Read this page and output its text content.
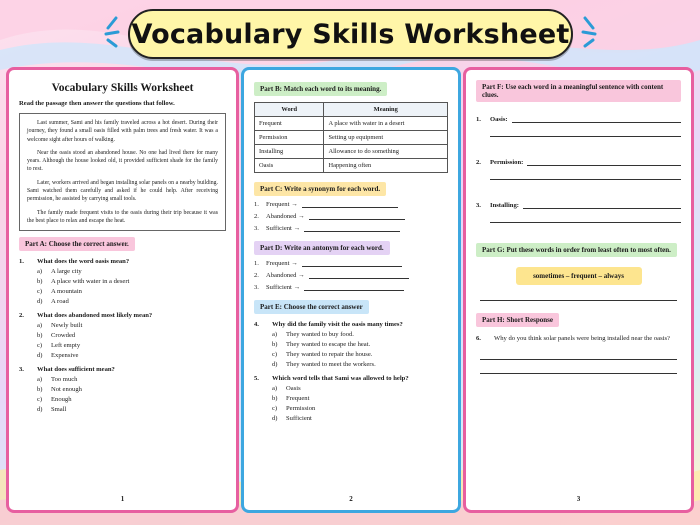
Vocabulary Skills Worksheet
Vocabulary Skills Worksheet
Read the passage then answer the questions that follow.

Last summer, Sami and his family traveled across a hot desert. During their journey, they found a small oasis filled with palm trees and fresh water. It was a welcome sight after hours of walking.

Near the oasis stood an abandoned house. No one had lived there for many years. Although the house looked old, it provided sufficient shade for the family to rest.

Later, workers arrived and began installing solar panels on a nearby building. Sami watched them carefully and asked if he could help. After receiving permission, he assisted by carrying small tools.

The family made frequent visits to the oasis during their trip because it was the best place to relax and escape the heat.

Part A: Choose the correct answer.
1.	What does the word oasis mean?
a)	A large city
b)	A place with water in a desert
c)	A mountain
d)	A road
2.	What does abandoned most likely mean?
a)	Newly built
b)	Crowded
c)	Left empty
d)	Expensive
3.	What does sufficient mean?
a)	Too much
b)	Not enough
c)	Enough
d)	Small
1
Part B: Match each word to its meaning.
Word	Meaning
Frequent	A place with water in a desert
Permission	Setting up equipment
Installing	Allowance to do something
Oasis	Happening often
Part C: Write a synonym for each word.
1.	Frequent →
2.	Abandoned →
3.	Sufficient →
Part D: Write an antonym for each word.
1.	Frequent →
2.	Abandoned →
3.	Sufficient →
Part E: Choose the correct answer
4.	Why did the family visit the oasis many times?
a)	They wanted to buy food.
b)	They wanted to escape the heat.
c)	They wanted to repair the house.
d)	They wanted to meet the workers.
5.	Which word tells that Sami was allowed to help?
a)	Oasis
b)	Frequent
c)	Permission
d)	Sufficient
2
Part F: Use each word in a meaningful sentence with content clues.
1.	Oasis:
2.	Permission:
3.	Installing:
Part G: Put these words in order from least often to most often.
sometimes – frequent – always
Part H: Short Response
6.	Why do you think solar panels were being installed near the oasis?
3
